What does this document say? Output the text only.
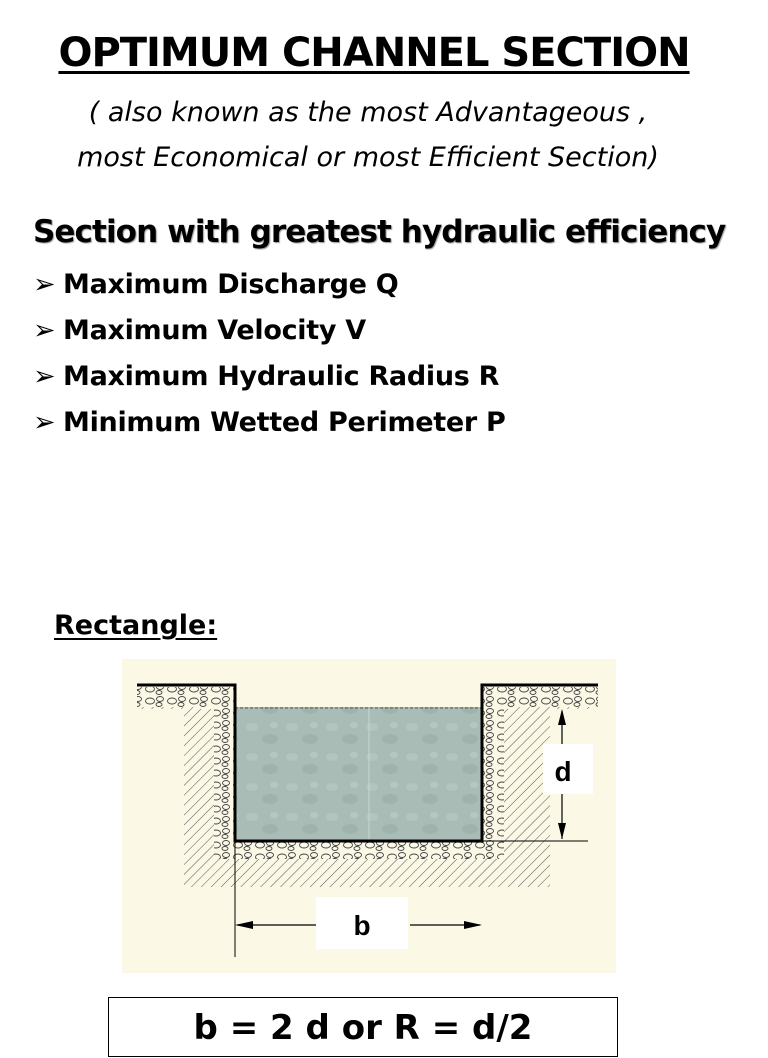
OPTIMUM CHANNEL SECTION

( also known as the most Advantageous ,
most Economical or most Efficient Section)

Section with greatest hydraulic efficiency
➢ Maximum Discharge Q
➢ Maximum Velocity V
➢ Maximum Hydraulic Radius R
➢ Minimum Wetted Perimeter P
Rectangle:
d
b
b = 2 d or R = d/2
